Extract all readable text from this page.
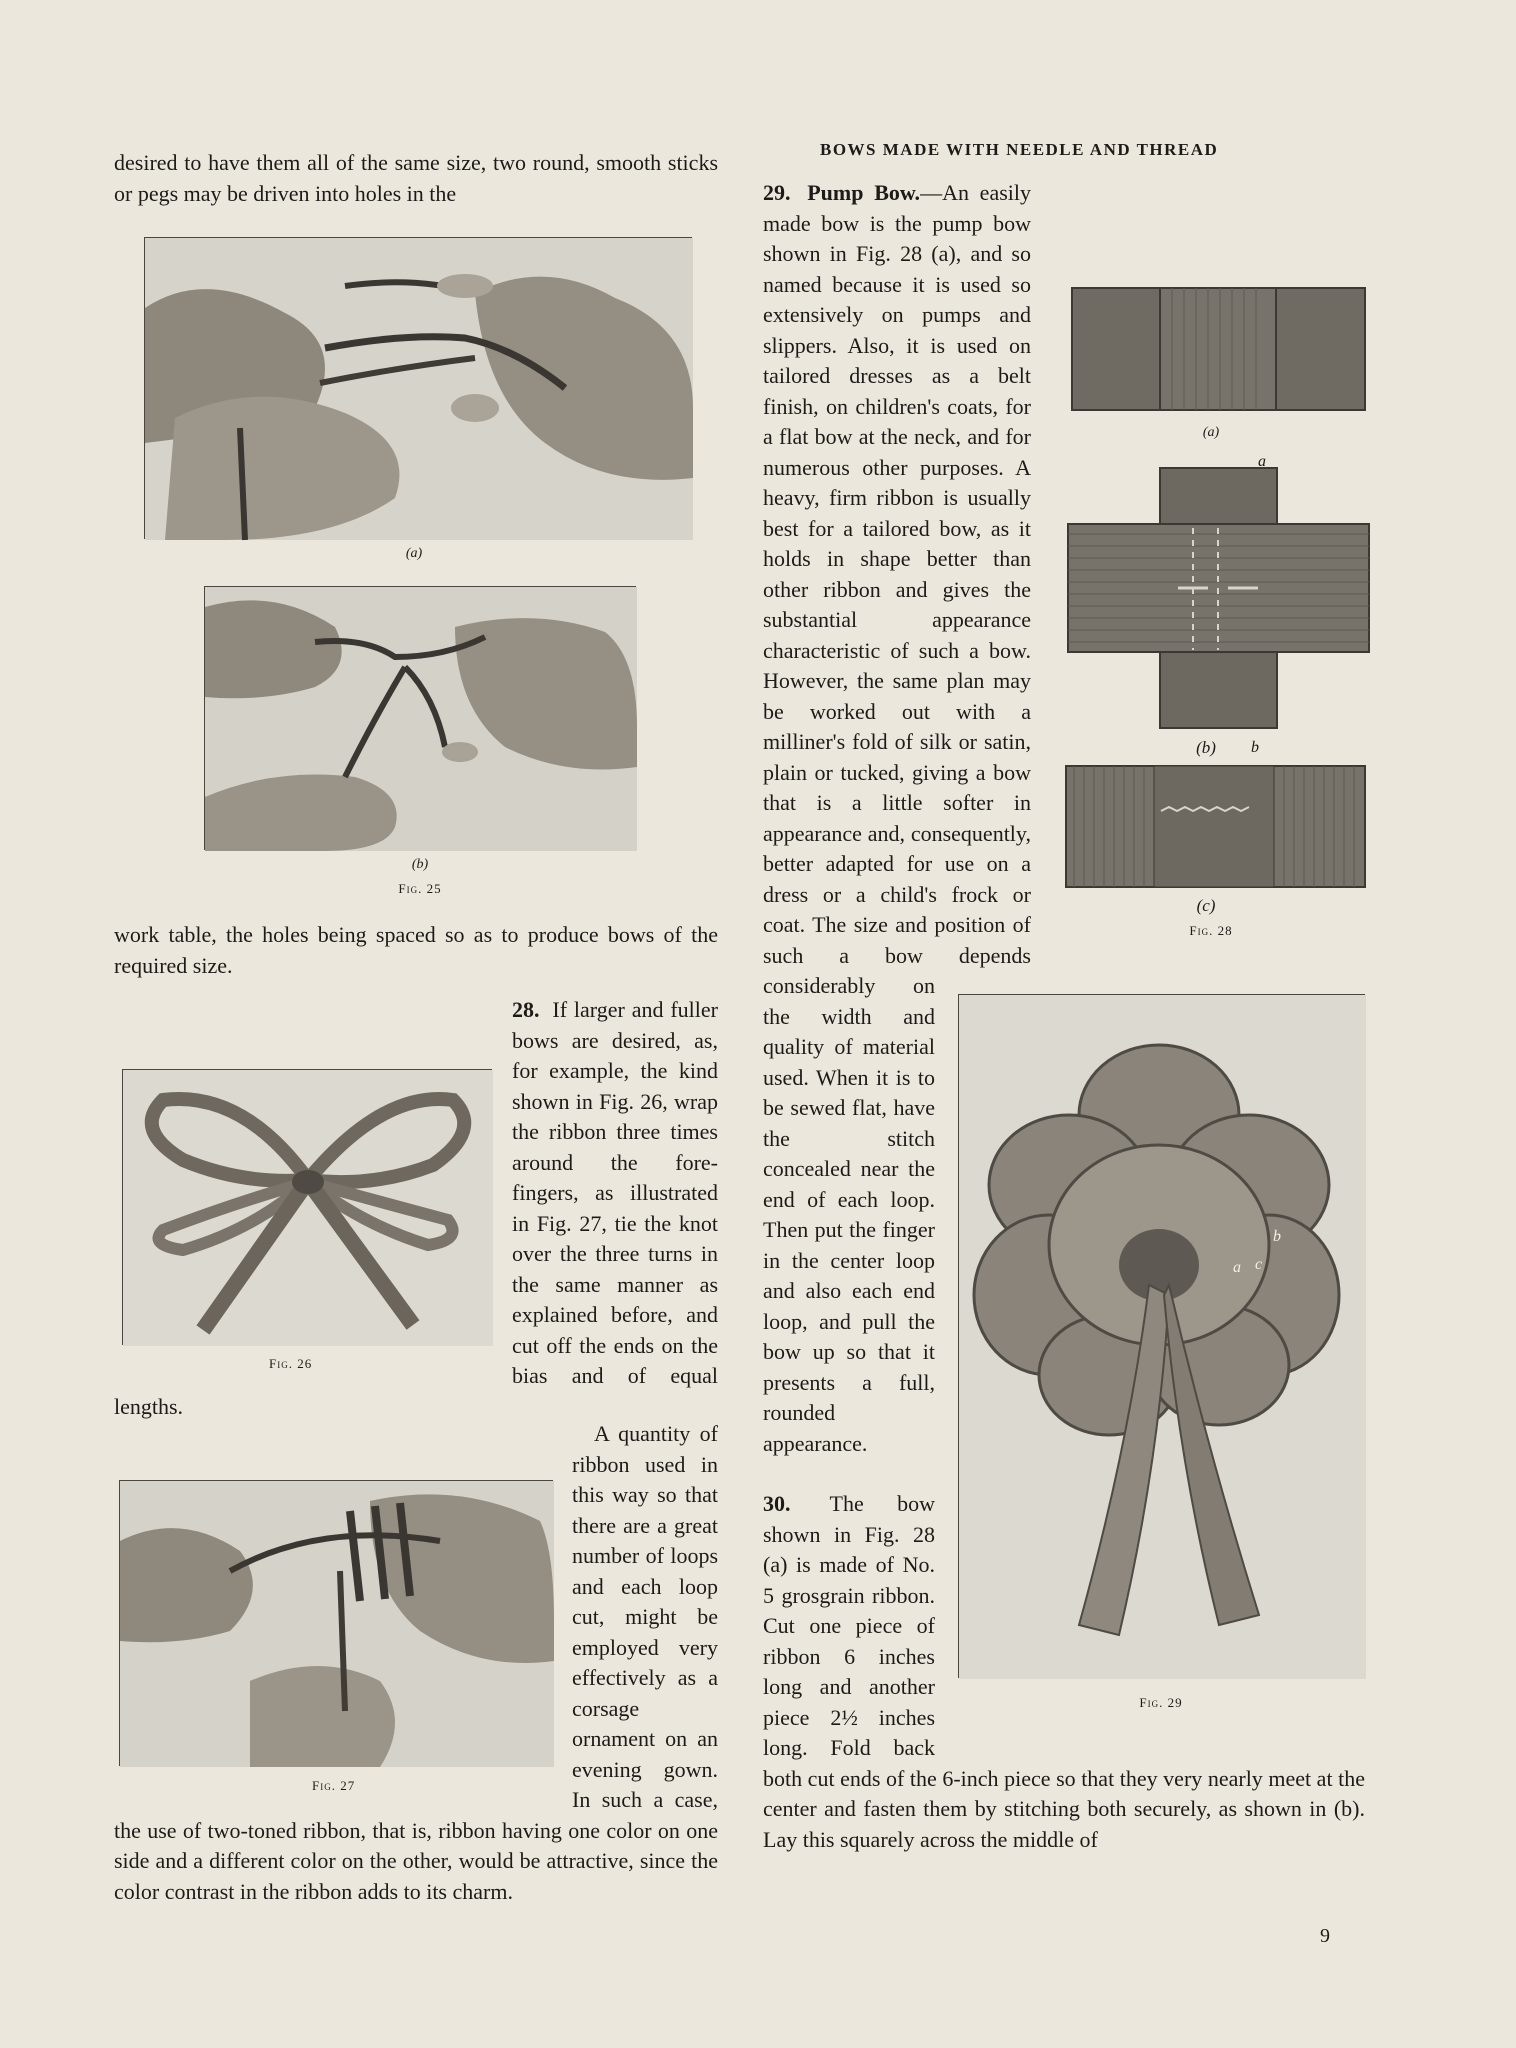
BOWS MADE WITH NEEDLE AND THREAD

desired to have them all of the same size, two round, smooth sticks or pegs may be driven into holes in the

(a)
(b)
Fig. 25

work table, the holes being spaced so as to produce bows of the required size.

Fig. 26
28. If larger and fuller bows are desired, as, for example, the kind shown in Fig. 26, wrap the ribbon three times around the fore-fingers, as illustrated in Fig. 27, tie the knot over the three turns in the same manner as explained before, and cut off the ends on the bias and of equal lengths.
Fig. 27
A quantity of ribbon used in this way so that there are a great number of loops and each loop cut, might be employed very effectively as a corsage ornament on an evening gown. In such a case, the use of two-toned ribbon, that is, ribbon having one color on one side and a different color on the other, would be attractive, since the color contrast in the ribbon adds to its charm.
(a)
a
(b)	b
(c)
Fig. 28
a c
b
Fig. 29
29. Pump Bow.—An easily made bow is the pump bow shown in Fig. 28 (a), and so named because it is used so extensively on pumps and slippers. Also, it is used on tailored dresses as a belt finish, on children's coats, for a flat bow at the neck, and for numerous other purposes. A heavy, firm ribbon is usually best for a tailored bow, as it holds in shape better than other ribbon and gives the substantial appearance characteristic of such a bow. However, the same plan may be worked out with a milliner's fold of silk or satin, plain or tucked, giving a bow that is a little softer in appearance and, consequently, better adapted for use on a dress or a child's frock or coat. The size and position of such a bow depends considerably on the width and quality of material used. When it is to be sewed flat, have the stitch concealed near the end of each loop. Then put the finger in the center loop and also each end loop, and pull the bow up so that it presents a full, rounded appearance.
30. The bow shown in Fig. 28 (a) is made of No. 5 grosgrain ribbon. Cut one piece of ribbon 6 inches long and another piece 2½ inches long. Fold back both cut ends of the 6-inch piece so that they very nearly meet at the center and fasten them by stitching both securely, as shown in (b). Lay this squarely across the middle of
9
